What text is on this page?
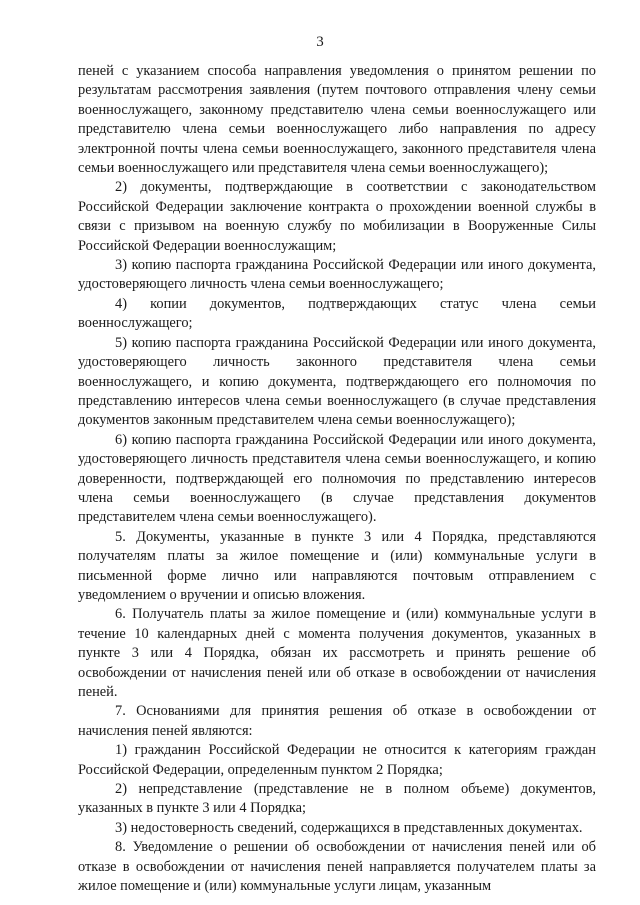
3

пеней с указанием способа направления уведомления о принятом решении по результатам рассмотрения заявления (путем почтового отправления члену семьи военнослужащего, законному представителю члена семьи военнослужащего или представителю члена семьи военнослужащего либо направления по адресу электронной почты члена семьи военнослужащего, законного представителя члена семьи военнослужащего или представителя члена семьи военнослужащего);

2) документы, подтверждающие в соответствии с законодательством Российской Федерации заключение контракта о прохождении военной службы в связи с призывом на военную службу по мобилизации в Вооруженные Силы Российской Федерации военнослужащим;

3) копию паспорта гражданина Российской Федерации или иного документа, удостоверяющего личность члена семьи военнослужащего;

4) копии документов, подтверждающих статус члена семьи военнослужащего;

5) копию паспорта гражданина Российской Федерации или иного документа, удостоверяющего личность законного представителя члена семьи военнослужащего, и копию документа, подтверждающего его полномочия по представлению интересов члена семьи военнослужащего (в случае представления документов законным представителем члена семьи военнослужащего);

6) копию паспорта гражданина Российской Федерации или иного документа, удостоверяющего личность представителя члена семьи военнослужащего, и копию доверенности, подтверждающей его полномочия по представлению интересов члена семьи военнослужащего (в случае представления документов представителем члена семьи военнослужащего).

5. Документы, указанные в пункте 3 или 4 Порядка, представляются получателям платы за жилое помещение и (или) коммунальные услуги в письменной форме лично или направляются почтовым отправлением с уведомлением о вручении и описью вложения.

6. Получатель платы за жилое помещение и (или) коммунальные услуги в течение 10 календарных дней с момента получения документов, указанных в пункте 3 или 4 Порядка, обязан их рассмотреть и принять решение об освобождении от начисления пеней или об отказе в освобождении от начисления пеней.

7. Основаниями для принятия решения об отказе в освобождении от начисления пеней являются:

1) гражданин Российской Федерации не относится к категориям граждан Российской Федерации, определенным пунктом 2 Порядка;

2) непредставление (представление не в полном объеме) документов, указанных в пункте 3 или 4 Порядка;

3) недостоверность сведений, содержащихся в представленных документах.

8. Уведомление о решении об освобождении от начисления пеней или об отказе в освобождении от начисления пеней направляется получателем платы за жилое помещение и (или) коммунальные услуги лицам, указанным
